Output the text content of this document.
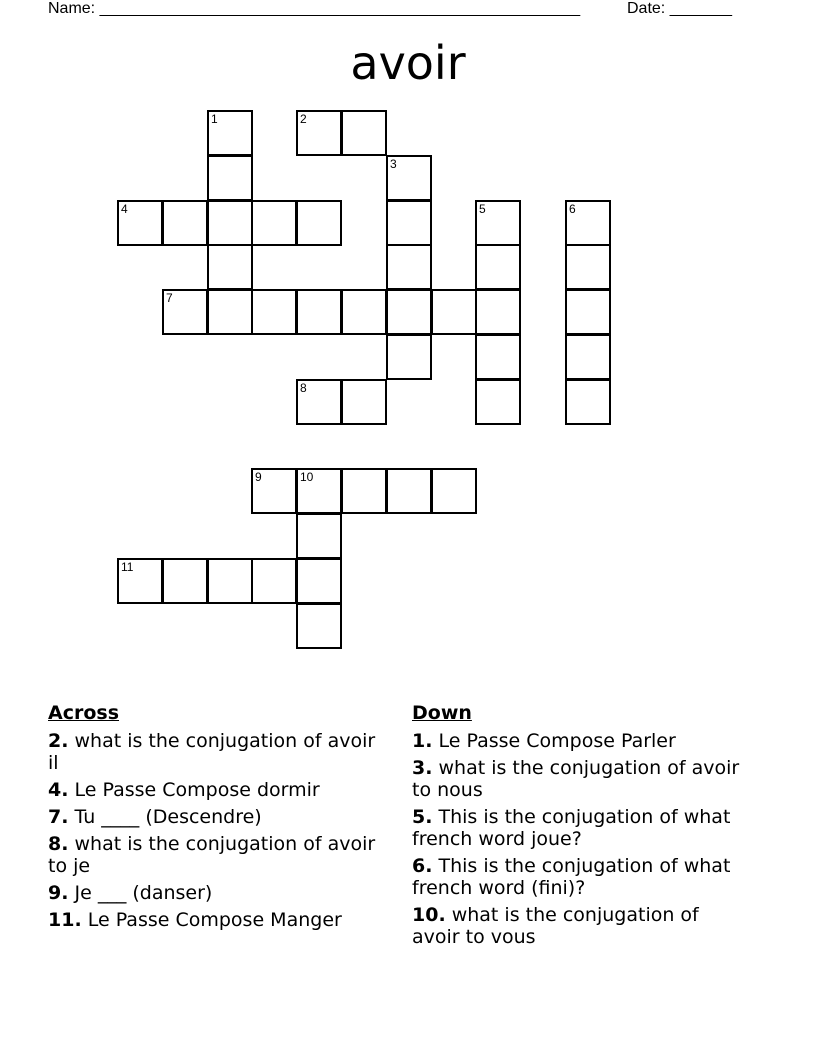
Name: ______________________________________________________	Date: _______
avoir
1	2
3
4	5	6
7
8
9	10
11
Across
2. what is the conjugation of avoir il
4. Le Passe Compose dormir
7. Tu ____ (Descendre)
8. what is the conjugation of avoir to je
9. Je ___ (danser)
11. Le Passe Compose Manger
Down
1. Le Passe Compose Parler
3. what is the conjugation of avoir to nous
5. This is the conjugation of what french word joue?
6. This is the conjugation of what french word (fini)?
10. what is the conjugation of avoir to vous
